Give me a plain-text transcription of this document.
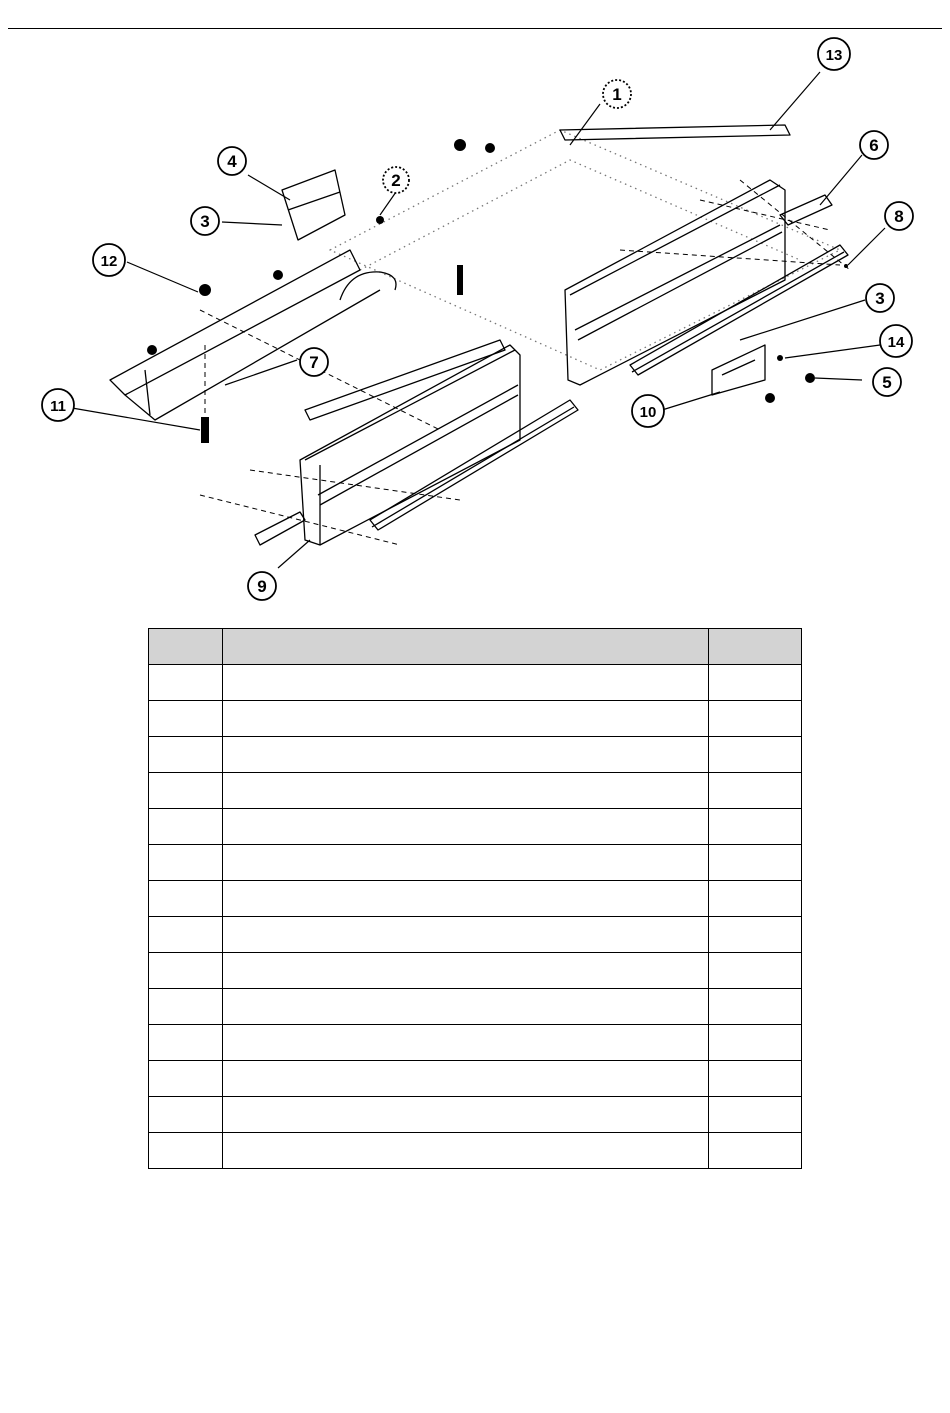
1
2
3
3
4
5
6
7
8
9
10
11
12
13
14
